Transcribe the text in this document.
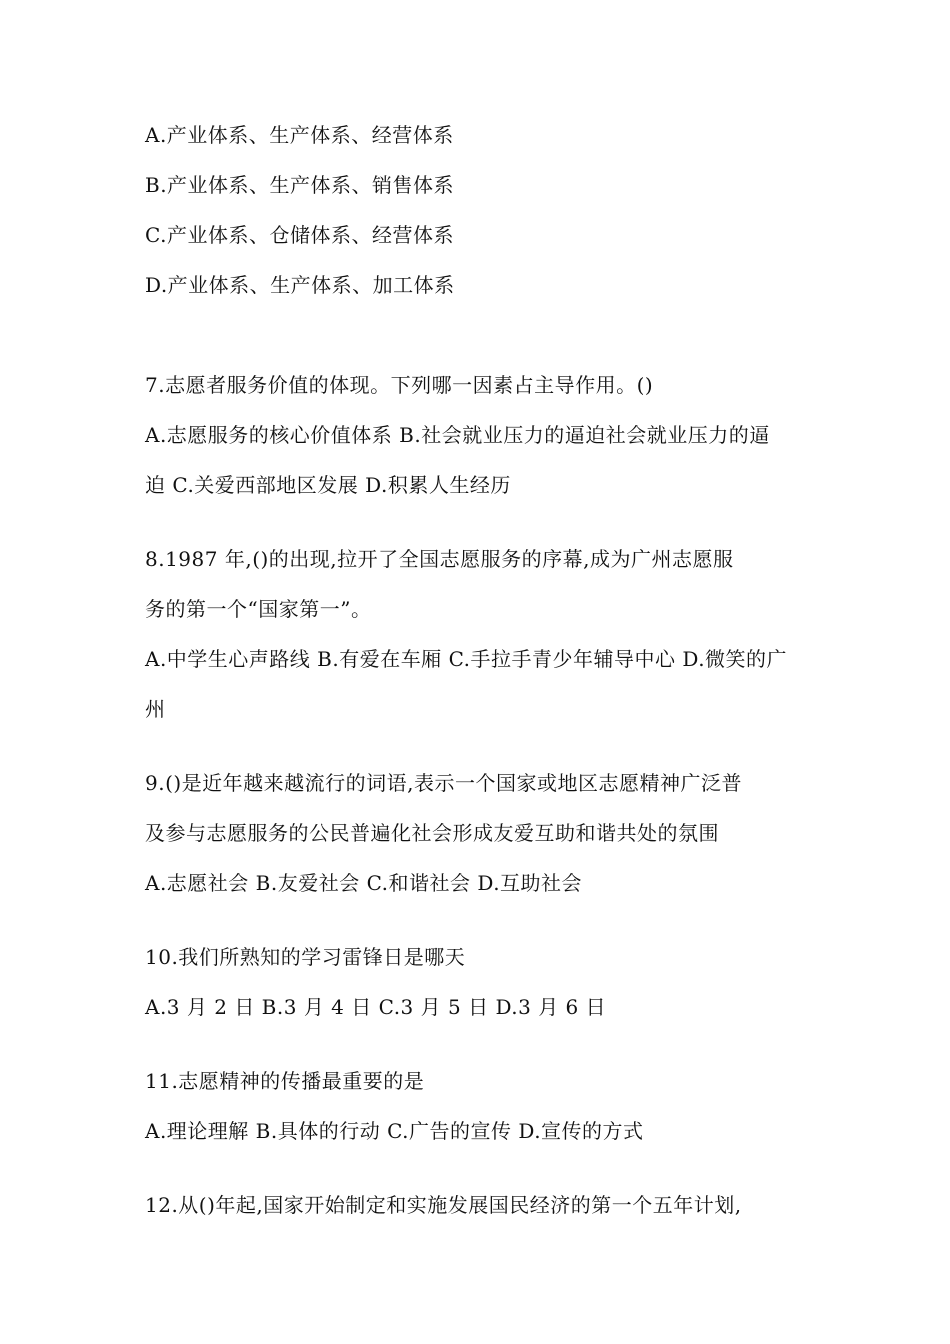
A.产业体系、生产体系、经营体系
B.产业体系、生产体系、销售体系
C.产业体系、仓储体系、经营体系
D.产业体系、生产体系、加工体系
7.志愿者服务价值的体现。下列哪一因素占主导作用。()
A.志愿服务的核心价值体系 B.社会就业压力的逼迫社会就业压力的逼
迫 C.关爱西部地区发展 D.积累人生经历
8.1987 年,()的出现,拉开了全国志愿服务的序幕,成为广州志愿服
务的第一个“国家第一”。
A.中学生心声路线 B.有爱在车厢 C.手拉手青少年辅导中心 D.微笑的广
州
9.()是近年越来越流行的词语,表示一个国家或地区志愿精神广泛普
及参与志愿服务的公民普遍化社会形成友爱互助和谐共处的氛围
A.志愿社会 B.友爱社会 C.和谐社会 D.互助社会
10.我们所熟知的学习雷锋日是哪天
A.3 月 2 日 B.3 月 4 日 C.3 月 5 日 D.3 月 6 日
11.志愿精神的传播最重要的是
A.理论理解 B.具体的行动 C.广告的宣传 D.宣传的方式
12.从()年起,国家开始制定和实施发展国民经济的第一个五年计划,
